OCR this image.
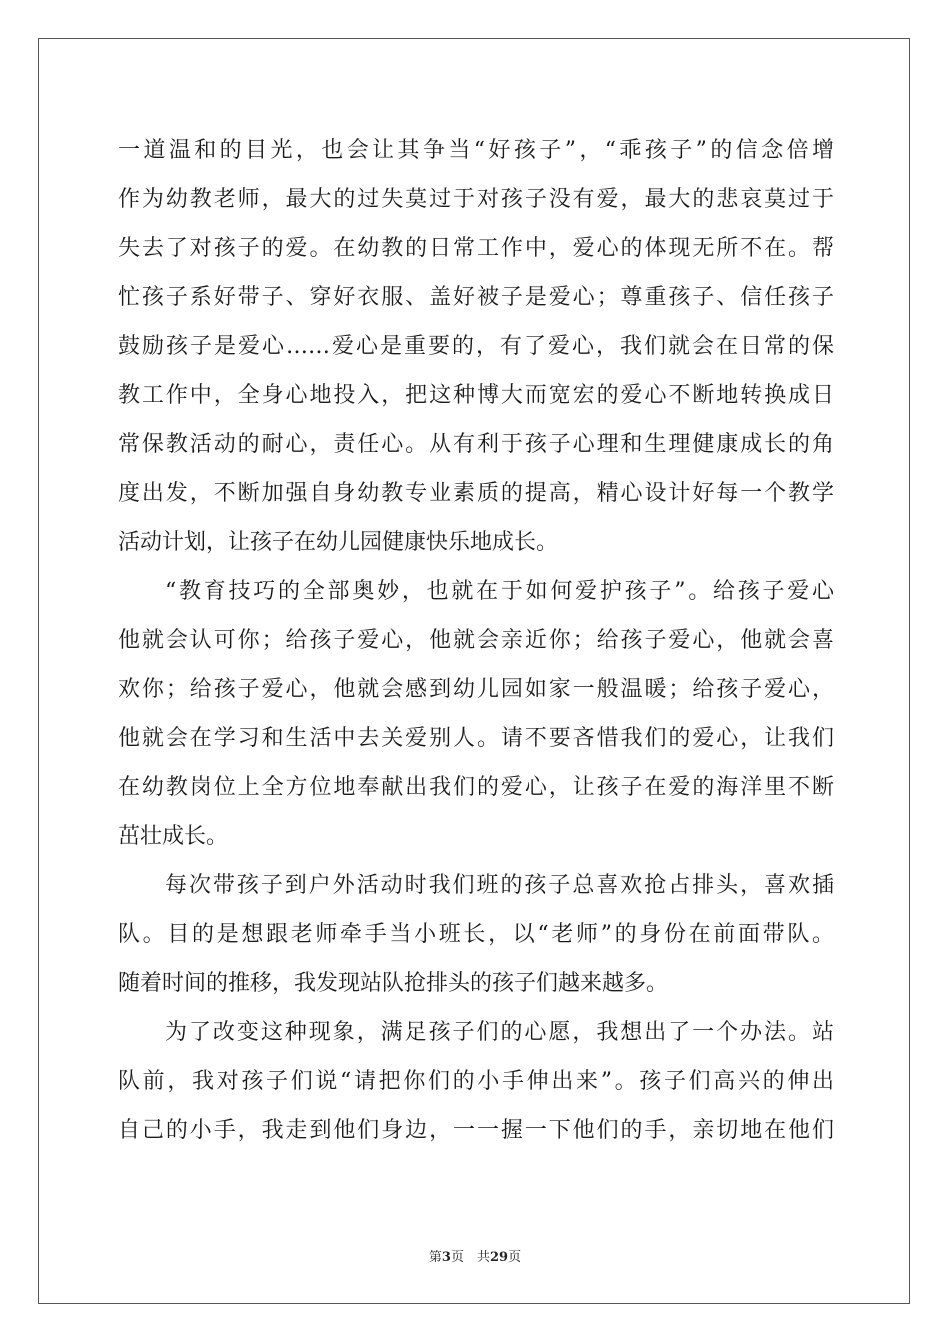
一道温和的目光，也会让其争当“好孩子”，“乖孩子”的信念倍增
作为幼教老师，最大的过失莫过于对孩子没有爱，最大的悲哀莫过于
失去了对孩子的爱。在幼教的日常工作中，爱心的体现无所不在。帮
忙孩子系好带子、穿好衣服、盖好被子是爱心；尊重孩子、信任孩子
鼓励孩子是爱心……爱心是重要的，有了爱心，我们就会在日常的保
教工作中，全身心地投入，把这种博大而宽宏的爱心不断地转换成日
常保教活动的耐心，责任心。从有利于孩子心理和生理健康成长的角
度出发，不断加强自身幼教专业素质的提高，精心设计好每一个教学
活动计划，让孩子在幼儿园健康快乐地成长。
“教育技巧的全部奥妙，也就在于如何爱护孩子”。给孩子爱心
他就会认可你；给孩子爱心，他就会亲近你；给孩子爱心，他就会喜
欢你；给孩子爱心，他就会感到幼儿园如家一般温暖；给孩子爱心，
他就会在学习和生活中去关爱别人。请不要吝惜我们的爱心，让我们
在幼教岗位上全方位地奉献出我们的爱心，让孩子在爱的海洋里不断
茁壮成长。
每次带孩子到户外活动时我们班的孩子总喜欢抢占排头，喜欢插
队。目的是想跟老师牵手当小班长，以“老师”的身份在前面带队。
随着时间的推移，我发现站队抢排头的孩子们越来越多。
为了改变这种现象，满足孩子们的心愿，我想出了一个办法。站
队前，我对孩子们说“请把你们的小手伸出来”。孩子们高兴的伸出
自己的小手，我走到他们身边，一一握一下他们的手，亲切地在他们
第3页　共29页
